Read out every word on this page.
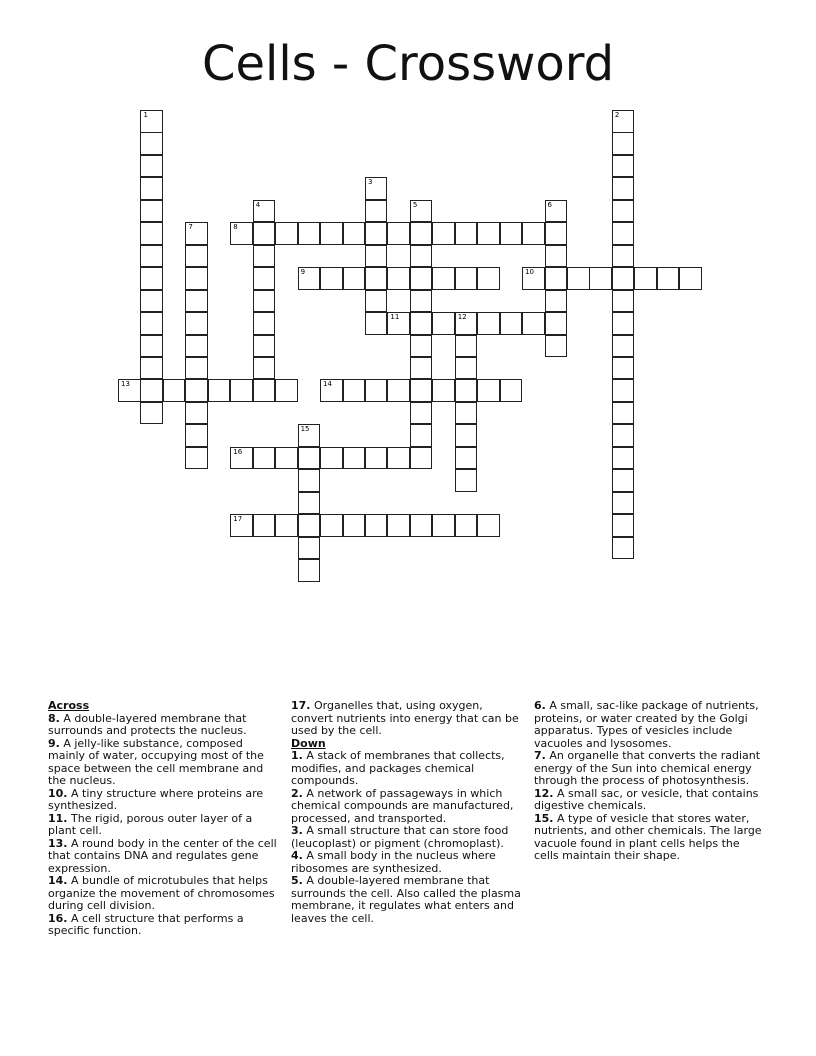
Cells - Crossword
1	2
3
4	5	6
7	8
9	10
11	12
13	14
15
16
17
Across
8. A double-layered membrane that surrounds and protects the nucleus.
9. A jelly-like substance, composed mainly of water, occupying most of the space between the cell membrane and the nucleus.
10. A tiny structure where proteins are synthesized.
11. The rigid, porous outer layer of a plant cell.
13. A round body in the center of the cell that contains DNA and regulates gene expression.
14. A bundle of microtubules that helps organize the movement of chromosomes during cell division.
16. A cell structure that performs a specific function.
17. Organelles that, using oxygen, convert nutrients into energy that can be used by the cell.
Down
1. A stack of membranes that collects, modifies, and packages chemical compounds.
2. A network of passageways in which chemical compounds are manufactured, processed, and transported.
3. A small structure that can store food (leucoplast) or pigment (chromoplast).
4. A small body in the nucleus where ribosomes are synthesized.
5. A double-layered membrane that surrounds the cell. Also called the plasma membrane, it regulates what enters and leaves the cell.
6. A small, sac-like package of nutrients, proteins, or water created by the Golgi apparatus. Types of vesicles include vacuoles and lysosomes.
7. An organelle that converts the radiant energy of the Sun into chemical energy through the process of photosynthesis.
12. A small sac, or vesicle, that contains digestive chemicals.
15. A type of vesicle that stores water, nutrients, and other chemicals. The large vacuole found in plant cells helps the cells maintain their shape.
